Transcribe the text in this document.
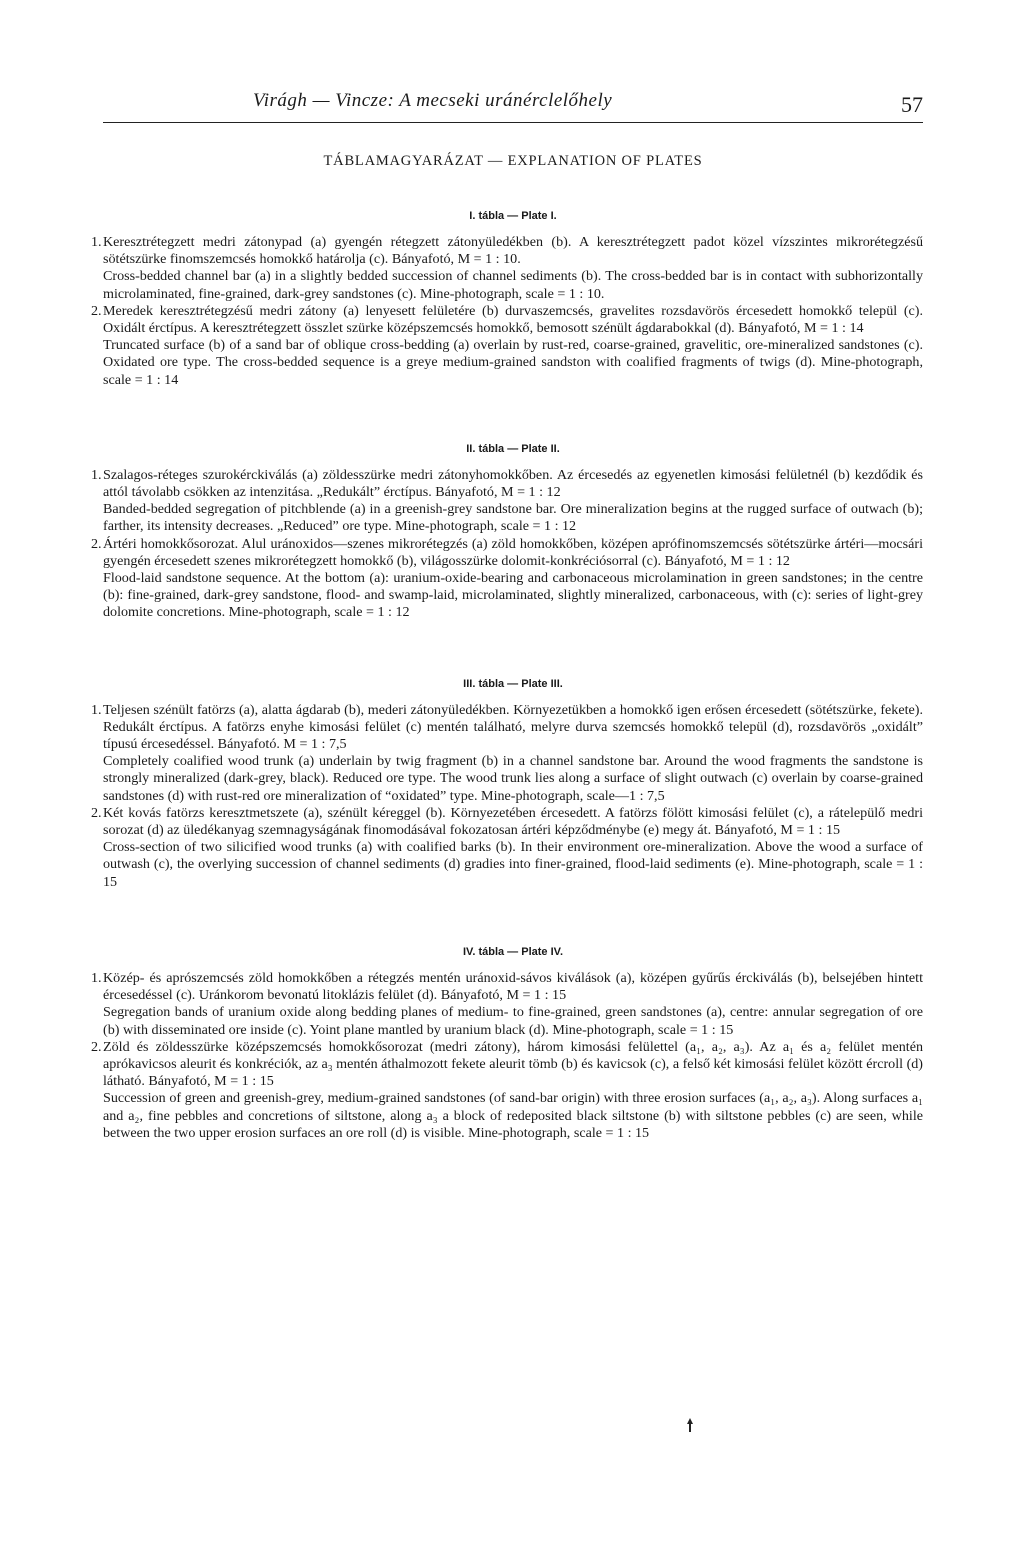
Virágh — Vincze: A mecseki uránérclelőhely	57
TÁBLAMAGYARÁZAT — EXPLANATION OF PLATES
I. tábla — Plate I.
1. Keresztrétegzett medri zátonypad (a) gyengén rétegzett zátonyüledékben (b). A keresztrétegzett padot közel vízszintes mikrorétegzésű sötétszürke finomszemcsés homokkő határolja (c). Bányafotó, M = 1 : 10.

Cross-bedded channel bar (a) in a slightly bedded succession of channel sediments (b). The cross-bedded bar is in contact with subhorizontally microlaminated, fine-grained, dark-grey sandstones (c). Mine-photograph, scale = 1 : 10.

2. Meredek keresztrétegzésű medri zátony (a) lenyesett felületére (b) durvaszemcsés, gravelites rozsdavörös ércesedett homokkő települ (c). Oxidált érctípus. A keresztrétegzett összlet szürke középszemcsés homokkő, bemosott szénült ágdarabokkal (d). Bányafotó, M = 1 : 14

Truncated surface (b) of a sand bar of oblique cross-bedding (a) overlain by rust-red, coarse-grained, gravelitic, ore-mineralized sandstones (c). Oxidated ore type. The cross-bedded sequence is a greye medium-grained sandston with coalified fragments of twigs (d). Mine-photograph, scale = 1 : 14

II. tábla — Plate II.
1. Szalagos-réteges szurokérckiválás (a) zöldesszürke medri zátonyhomokkőben. Az ércesedés az egyenetlen kimosási felületnél (b) kezdődik és attól távolabb csökken az intenzitása. „Redukált” érctípus. Bányafotó, M = 1 : 12

Banded-bedded segregation of pitchblende (a) in a greenish-grey sandstone bar. Ore mineralization begins at the rugged surface of outwach (b); farther, its intensity decreases. „Reduced” ore type. Mine-photograph, scale = 1 : 12

2. Ártéri homokkősorozat. Alul uránoxidos—szenes mikrorétegzés (a) zöld homokkőben, középen aprófinomszemcsés sötétszürke ártéri—mocsári gyengén ércesedett szenes mikrorétegzett homokkő (b), világosszürke dolomit-konkréciósorral (c). Bányafotó, M = 1 : 12

Flood-laid sandstone sequence. At the bottom (a): uranium-oxide-bearing and carbonaceous microlamination in green sandstones; in the centre (b): fine-grained, dark-grey sandstone, flood- and swamp-laid, microlaminated, slightly mineralized, carbonaceous, with (c): series of light-grey dolomite concretions. Mine-photograph, scale = 1 : 12

III. tábla — Plate III.
1. Teljesen szénült fatörzs (a), alatta ágdarab (b), mederi zátonyüledékben. Környezetükben a homokkő igen erősen ércesedett (sötétszürke, fekete). Redukált érctípus. A fatörzs enyhe kimosási felület (c) mentén található, melyre durva szemcsés homokkő települ (d), rozsdavörös „oxidált” típusú ércesedéssel. Bányafotó. M = 1 : 7,5

Completely coalified wood trunk (a) underlain by twig fragment (b) in a channel sandstone bar. Around the wood fragments the sandstone is strongly mineralized (dark-grey, black). Reduced ore type. The wood trunk lies along a surface of slight outwach (c) overlain by coarse-grained sandstones (d) with rust-red ore mineralization of “oxidated” type. Mine-photograph, scale—1 : 7,5

2. Két kovás fatörzs keresztmetszete (a), szénült kéreggel (b). Környezetében ércesedett. A fatörzs fölött kimosási felület (c), a rátelepülő medri sorozat (d) az üledékanyag szemnagyságának finomodásával fokozatosan ártéri képződménybe (e) megy át. Bányafotó, M = 1 : 15

Cross-section of two silicified wood trunks (a) with coalified barks (b). In their environment ore-mineralization. Above the wood a surface of outwash (c), the overlying succession of channel sediments (d) gradies into finer-grained, flood-laid sediments (e). Mine-photograph, scale = 1 : 15

IV. tábla — Plate IV.
1. Közép- és aprószemcsés zöld homokkőben a rétegzés mentén uránoxid-sávos kiválások (a), középen gyűrűs érckiválás (b), belsejében hintett ércesedéssel (c). Uránkorom bevonatú litoklázis felület (d). Bányafotó, M = 1 : 15

Segregation bands of uranium oxide along bedding planes of medium- to fine-grained, green sandstones (a), centre: annular segregation of ore (b) with disseminated ore inside (c). Yoint plane mantled by uranium black (d). Mine-photograph, scale = 1 : 15

2. Zöld és zöldesszürke középszemcsés homokkősorozat (medri zátony), három kimosási felülettel (a₁, a₂, a₃). Az a₁ és a₂ felület mentén aprókavicsos aleurit és konkréciók, az a₃ mentén áthalmozott fekete aleurit tömb (b) és kavicsok (c), a felső két kimosási felület között ércroll (d) látható. Bányafotó, M = 1 : 15

Succession of green and greenish-grey, medium-grained sandstones (of sand-bar origin) with three erosion surfaces (a₁, a₂, a₃). Along surfaces a₁ and a₂, fine pebbles and concretions of siltstone, along a₃ a block of redeposited black siltstone (b) with siltstone pebbles (c) are seen, while between the two upper erosion surfaces an ore roll (d) is visible. Mine-photograph, scale = 1 : 15
